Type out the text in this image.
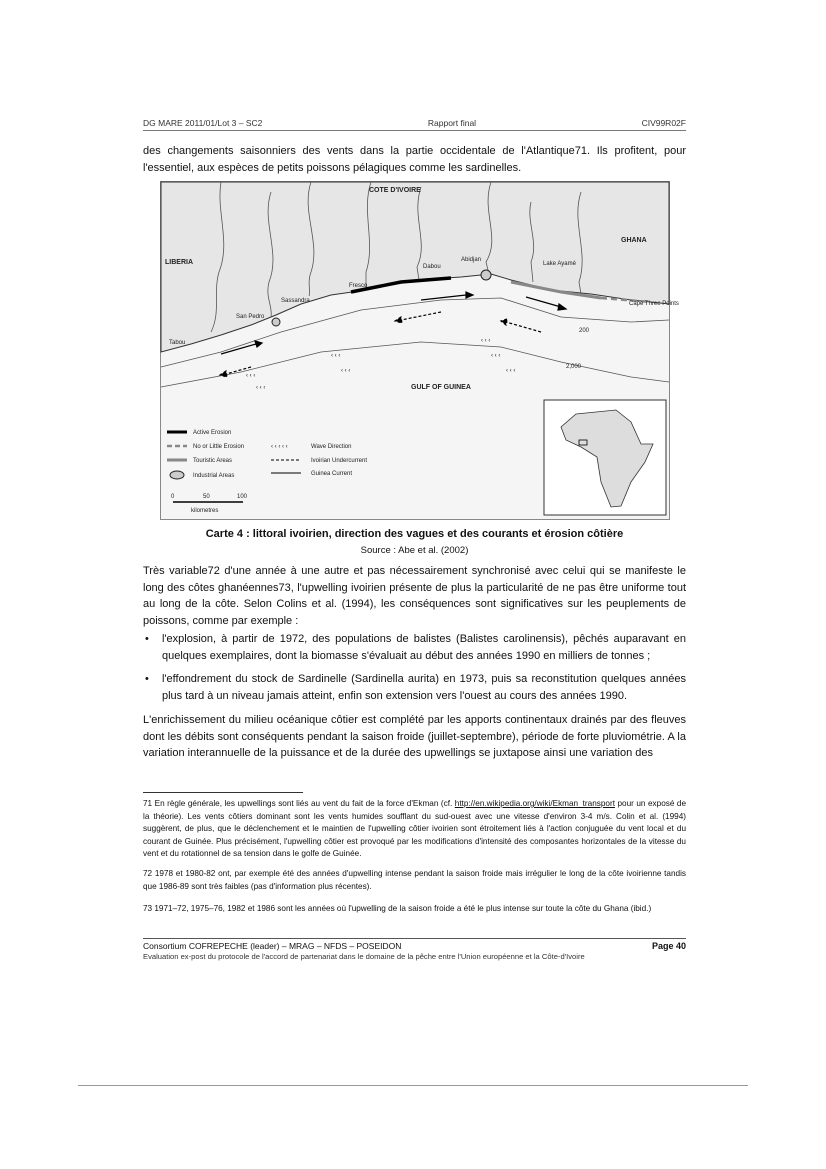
DG MARE 2011/01/Lot 3 – SC2	Rapport final	CIV99R02F
des changements saisonniers des vents dans la partie occidentale de l'Atlantique71. Ils profitent, pour l'essentiel, aux espèces de petits poissons pélagiques comme les sardinelles.
‹ ‹ ‹
‹ ‹ ‹
‹ ‹ ‹
‹ ‹ ‹
‹ ‹ ‹
‹ ‹ ‹
‹ ‹ ‹
COTE D'IVOIRE
LIBERIA
GHANA
GULF OF GUINEA
San Pedro
Sassandra
Fresco
Dabou
Abidjan
Tabou
Cape Three Points
Lake Ayamé
200
2,000
Active Erosion
No or Little Erosion
Touristic Areas
Industrial Areas
‹ ‹ ‹ ‹ ‹	Wave Direction
Ivoirian Undercurrent
Guinea Current
0	50	100
kilometres
Carte 4 : littoral ivoirien, direction des vagues et des courants et érosion côtière
Source : Abe et al. (2002)
Très variable72 d'une année à une autre et pas nécessairement synchronisé avec celui qui se manifeste le long des côtes ghanéennes73, l'upwelling ivoirien présente de plus la particularité de ne pas être uniforme tout au long de la côte. Selon Colins et al. (1994), les conséquences sont significatives sur les peuplements de poissons, comme par exemple :
• l'explosion, à partir de 1972, des populations de balistes (Balistes carolinensis), pêchés auparavant en quelques exemplaires, dont la biomasse s'évaluait au début des années 1990 en milliers de tonnes ;
• l'effondrement du stock de Sardinelle (Sardinella aurita) en 1973, puis sa reconstitution quelques années plus tard à un niveau jamais atteint, enfin son extension vers l'ouest au cours des années 1990.
L'enrichissement du milieu océanique côtier est complété par les apports continentaux drainés par des fleuves dont les débits sont conséquents pendant la saison froide (juillet-septembre), période de forte pluviométrie. A la variation interannuelle de la puissance et de la durée des upwellings se juxtapose ainsi une variation des
71 En règle générale, les upwellings sont liés au vent du fait de la force d'Ekman (cf. http://en.wikipedia.org/wiki/Ekman_transport pour un exposé de la théorie). Les vents côtiers dominant sont les vents humides soufflant du sud-ouest avec une vitesse d'environ 3-4 m/s. Colin et al. (1994) suggèrent, de plus, que le déclenchement et le maintien de l'upwelling côtier ivoirien sont étroitement liés à l'action conjuguée du vent local et du courant de Guinée. Plus précisément, l'upwelling côtier est provoqué par les modifications d'intensité des composantes horizontales de la vitesse du vent et du rotationnel de sa tension dans le golfe de Guinée.
72 1978 et 1980-82 ont, par exemple été des années d'upwelling intense pendant la saison froide mais irrégulier le long de la côte ivoirienne tandis que 1986-89 sont très faibles (pas d'information plus récentes).
73 1971–72, 1975–76, 1982 et 1986 sont les années où l'upwelling de la saison froide a été le plus intense sur toute la côte du Ghana (ibid.)
Consortium COFREPECHE (leader) – MRAG – NFDS – POSEIDON	Page 40
Evaluation ex-post du protocole de l'accord de partenariat dans le domaine de la pêche entre l'Union européenne et la Côte-d'Ivoire
